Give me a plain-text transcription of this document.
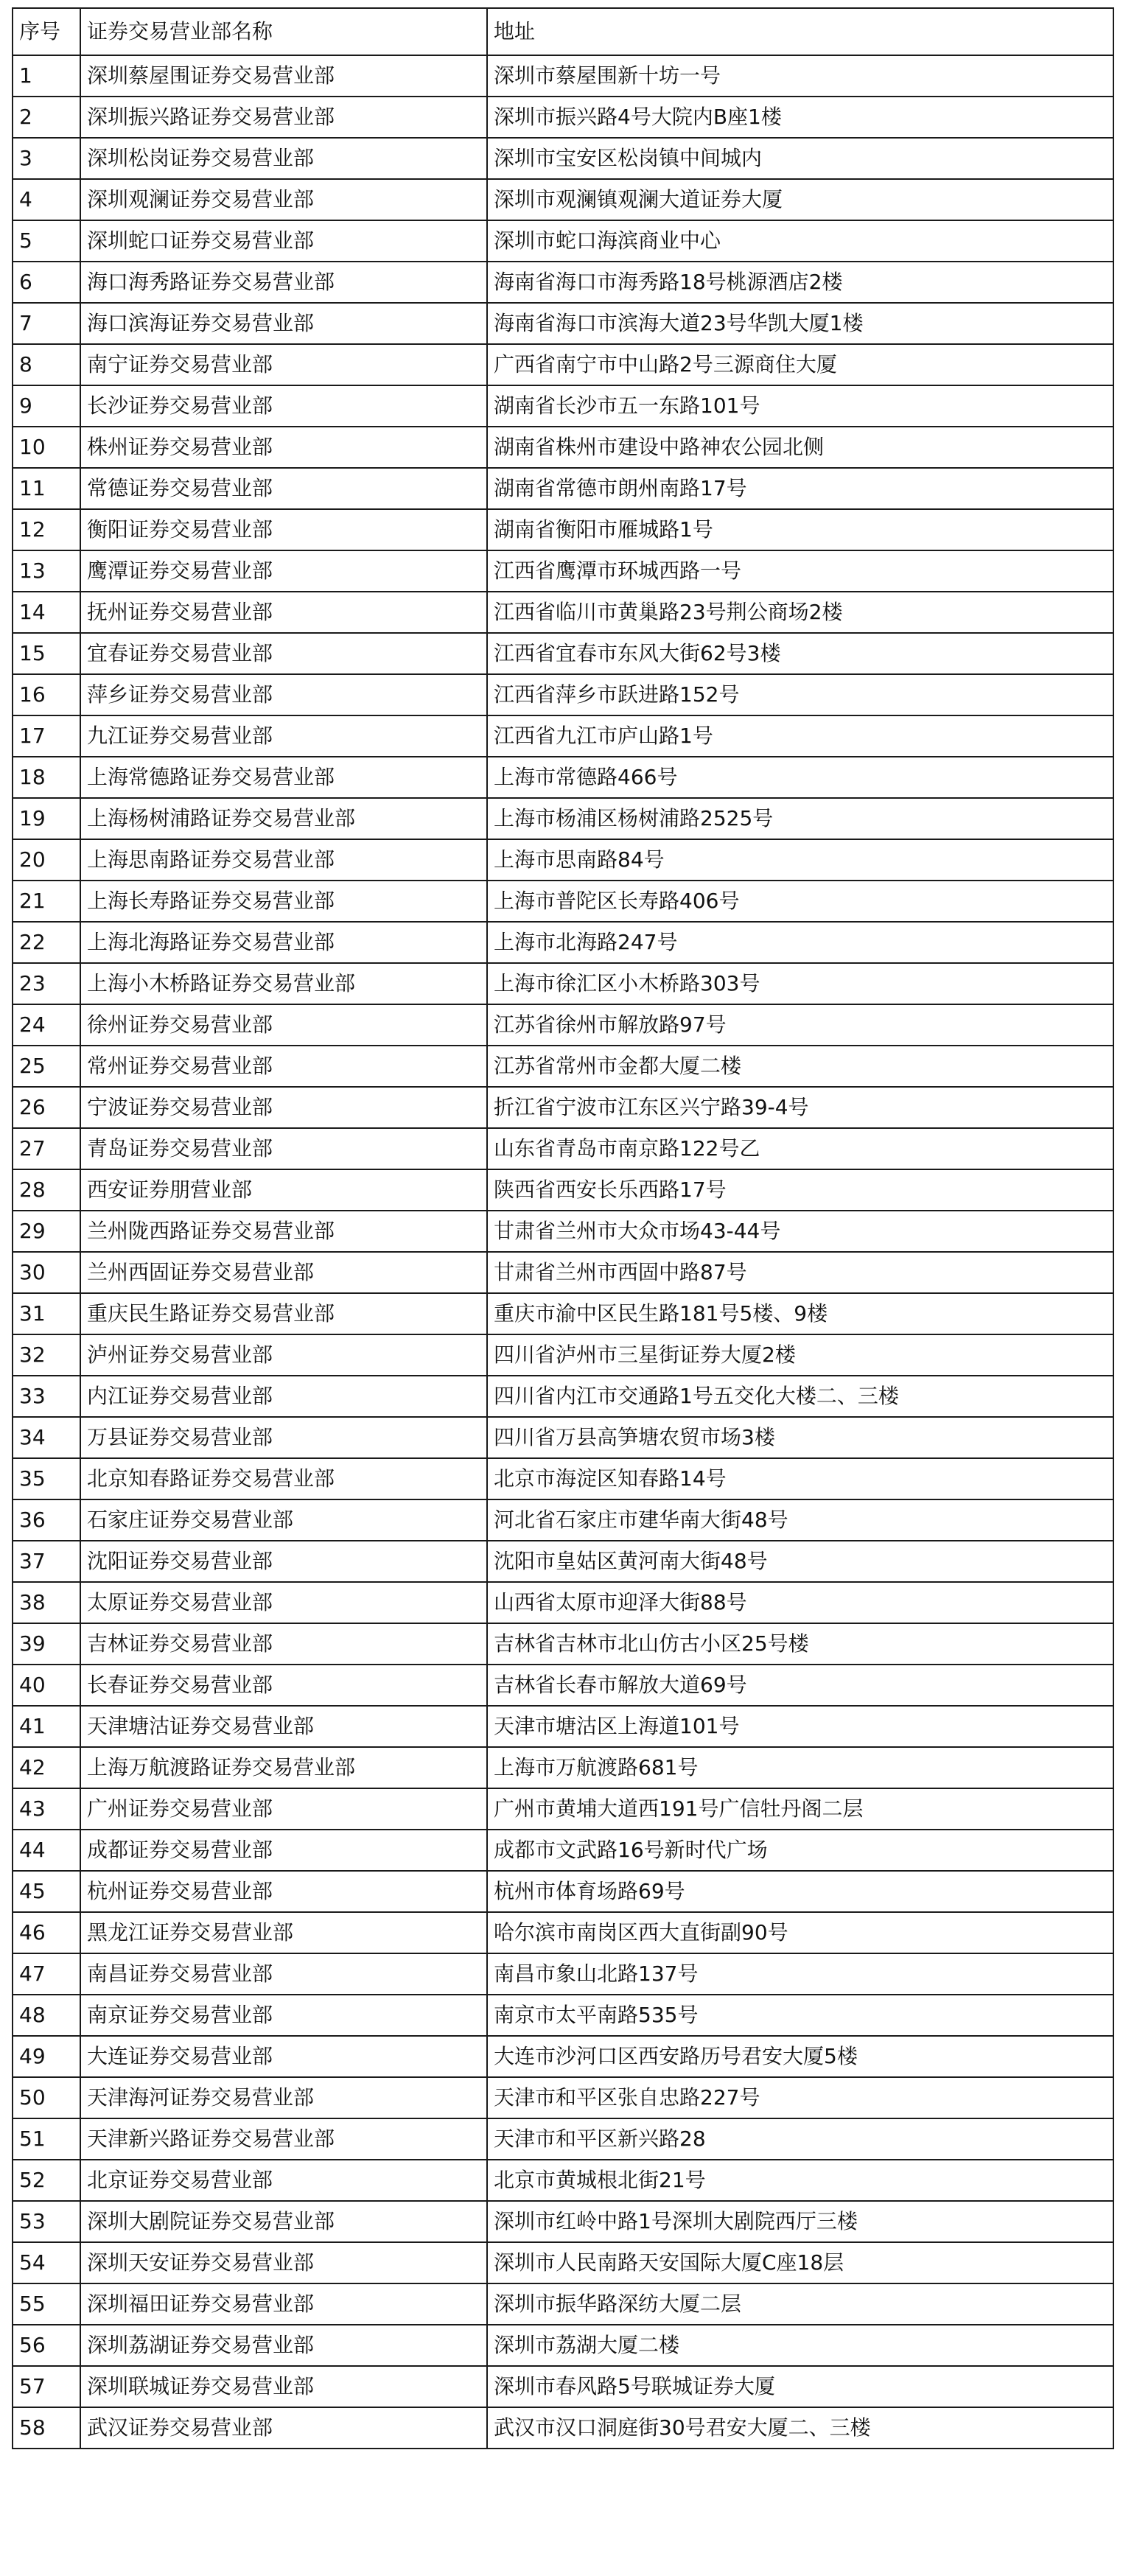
序号	证券交易营业部名称	地址
1	深圳蔡屋围证券交易营业部	深圳市蔡屋围新十坊一号
2	深圳振兴路证券交易营业部	深圳市振兴路4号大院内B座1楼
3	深圳松岗证券交易营业部	深圳市宝安区松岗镇中间城内
4	深圳观澜证券交易营业部	深圳市观澜镇观澜大道证券大厦
5	深圳蛇口证券交易营业部	深圳市蛇口海滨商业中心
6	海口海秀路证券交易营业部	海南省海口市海秀路18号桃源酒店2楼
7	海口滨海证券交易营业部	海南省海口市滨海大道23号华凯大厦1楼
8	南宁证券交易营业部	广西省南宁市中山路2号三源商住大厦
9	长沙证券交易营业部	湖南省长沙市五一东路101号
10	株州证券交易营业部	湖南省株州市建设中路神农公园北侧
11	常德证券交易营业部	湖南省常德市朗州南路17号
12	衡阳证券交易营业部	湖南省衡阳市雁城路1号
13	鹰潭证券交易营业部	江西省鹰潭市环城西路一号
14	抚州证券交易营业部	江西省临川市黄巢路23号荆公商场2楼
15	宜春证券交易营业部	江西省宜春市东风大街62号3楼
16	萍乡证券交易营业部	江西省萍乡市跃进路152号
17	九江证券交易营业部	江西省九江市庐山路1号
18	上海常德路证券交易营业部	上海市常德路466号
19	上海杨树浦路证券交易营业部	上海市杨浦区杨树浦路2525号
20	上海思南路证券交易营业部	上海市思南路84号
21	上海长寿路证券交易营业部	上海市普陀区长寿路406号
22	上海北海路证券交易营业部	上海市北海路247号
23	上海小木桥路证券交易营业部	上海市徐汇区小木桥路303号
24	徐州证券交易营业部	江苏省徐州市解放路97号
25	常州证券交易营业部	江苏省常州市金都大厦二楼
26	宁波证券交易营业部	折江省宁波市江东区兴宁路39-4号
27	青岛证券交易营业部	山东省青岛市南京路122号乙
28	西安证券朋营业部	陕西省西安长乐西路17号
29	兰州陇西路证券交易营业部	甘肃省兰州市大众市场43-44号
30	兰州西固证券交易营业部	甘肃省兰州市西固中路87号
31	重庆民生路证券交易营业部	重庆市渝中区民生路181号5楼、9楼
32	泸州证券交易营业部	四川省泸州市三星街证券大厦2楼
33	内江证券交易营业部	四川省内江市交通路1号五交化大楼二、三楼
34	万县证券交易营业部	四川省万县高笋塘农贸市场3楼
35	北京知春路证券交易营业部	北京市海淀区知春路14号
36	石家庄证券交易营业部	河北省石家庄市建华南大街48号
37	沈阳证券交易营业部	沈阳市皇姑区黄河南大街48号
38	太原证券交易营业部	山西省太原市迎泽大街88号
39	吉林证券交易营业部	吉林省吉林市北山仿古小区25号楼
40	长春证券交易营业部	吉林省长春市解放大道69号
41	天津塘沽证券交易营业部	天津市塘沽区上海道101号
42	上海万航渡路证券交易营业部	上海市万航渡路681号
43	广州证券交易营业部	广州市黄埔大道西191号广信牡丹阁二层
44	成都证券交易营业部	成都市文武路16号新时代广场
45	杭州证券交易营业部	杭州市体育场路69号
46	黑龙江证券交易营业部	哈尔滨市南岗区西大直街副90号
47	南昌证券交易营业部	南昌市象山北路137号
48	南京证券交易营业部	南京市太平南路535号
49	大连证券交易营业部	大连市沙河口区西安路历号君安大厦5楼
50	天津海河证券交易营业部	天津市和平区张自忠路227号
51	天津新兴路证券交易营业部	天津市和平区新兴路28
52	北京证券交易营业部	北京市黄城根北街21号
53	深圳大剧院证券交易营业部	深圳市红岭中路1号深圳大剧院西厅三楼
54	深圳天安证券交易营业部	深圳市人民南路天安国际大厦C座18层
55	深圳福田证券交易营业部	深圳市振华路深纺大厦二层
56	深圳荔湖证券交易营业部	深圳市荔湖大厦二楼
57	深圳联城证券交易营业部	深圳市春风路5号联城证券大厦
58	武汉证券交易营业部	武汉市汉口洞庭街30号君安大厦二、三楼
